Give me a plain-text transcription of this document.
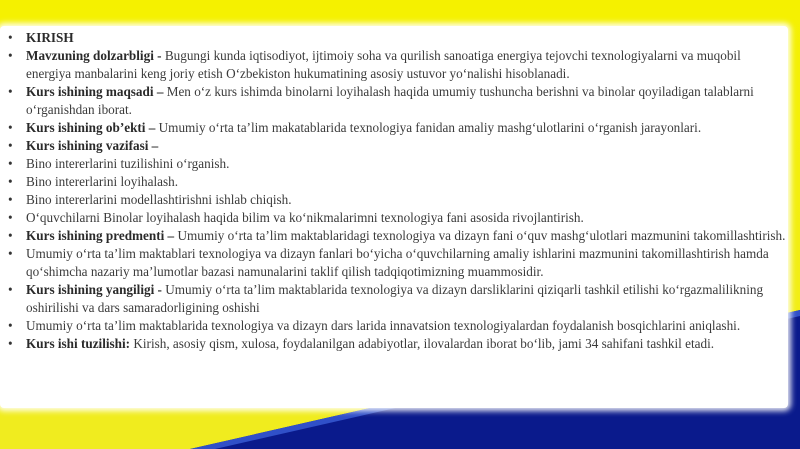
• KIRISH
• Mavzuning dolzarbligi - Bugungi kunda iqtisodiyot, ijtimoiy soha va qurilish sanoatiga energiya tejovchi texnologiyalarni va muqobil energiya manbalarini keng joriy etish O‘zbekiston hukumatining asosiy ustuvor yo‘nalishi hisoblanadi.
• Kurs ishining maqsadi – Men o‘z kurs ishimda binolarni loyihalash haqida umumiy tushuncha berishni va binolar qoyiladigan talablarni o‘rganishdan iborat.
• Kurs ishining ob’ekti – Umumiy o‘rta ta’lim makatablarida texnologiya fanidan amaliy mashg‘ulotlarini o‘rganish jarayonlari.
• Kurs ishining vazifasi –
• Bino intererlarini tuzilishini o‘rganish.
• Bino intererlarini loyihalash.
• Bino intererlarini modellashtirishni ishlab chiqish.
• O‘quvchilarni Binolar loyihalash haqida bilim va ko‘nikmalarimni texnologiya fani asosida rivojlantirish.
• Kurs ishining predmenti – Umumiy o‘rta ta’lim maktablaridagi texnologiya va dizayn fani o‘quv mashg‘ulotlari mazmunini takomillashtirish.
• Umumiy o‘rta ta’lim maktablari texnologiya va dizayn fanlari bo‘yicha o‘quvchilarning amaliy ishlarini mazmunini takomillashtirish hamda qo‘shimcha nazariy ma’lumotlar bazasi namunalarini taklif qilish tadqiqotimizning muammosidir.
• Kurs ishining yangiligi - Umumiy o‘rta ta’lim maktablarida texnologiya va dizayn darsliklarini qiziqarli tashkil etilishi ko‘rgazmalilikning oshirilishi va dars samaradorligining oshishi
• Umumiy o‘rta ta’lim maktablarida texnologiya va dizayn dars larida innavatsion texnologiyalardan foydalanish bosqichlarini aniqlashi.
• Kurs ishi tuzilishi: Kirish, asosiy qism, xulosa, foydalanilgan adabiyotlar, ilovalardan iborat bo‘lib, jami 34 sahifani tashkil etadi.
